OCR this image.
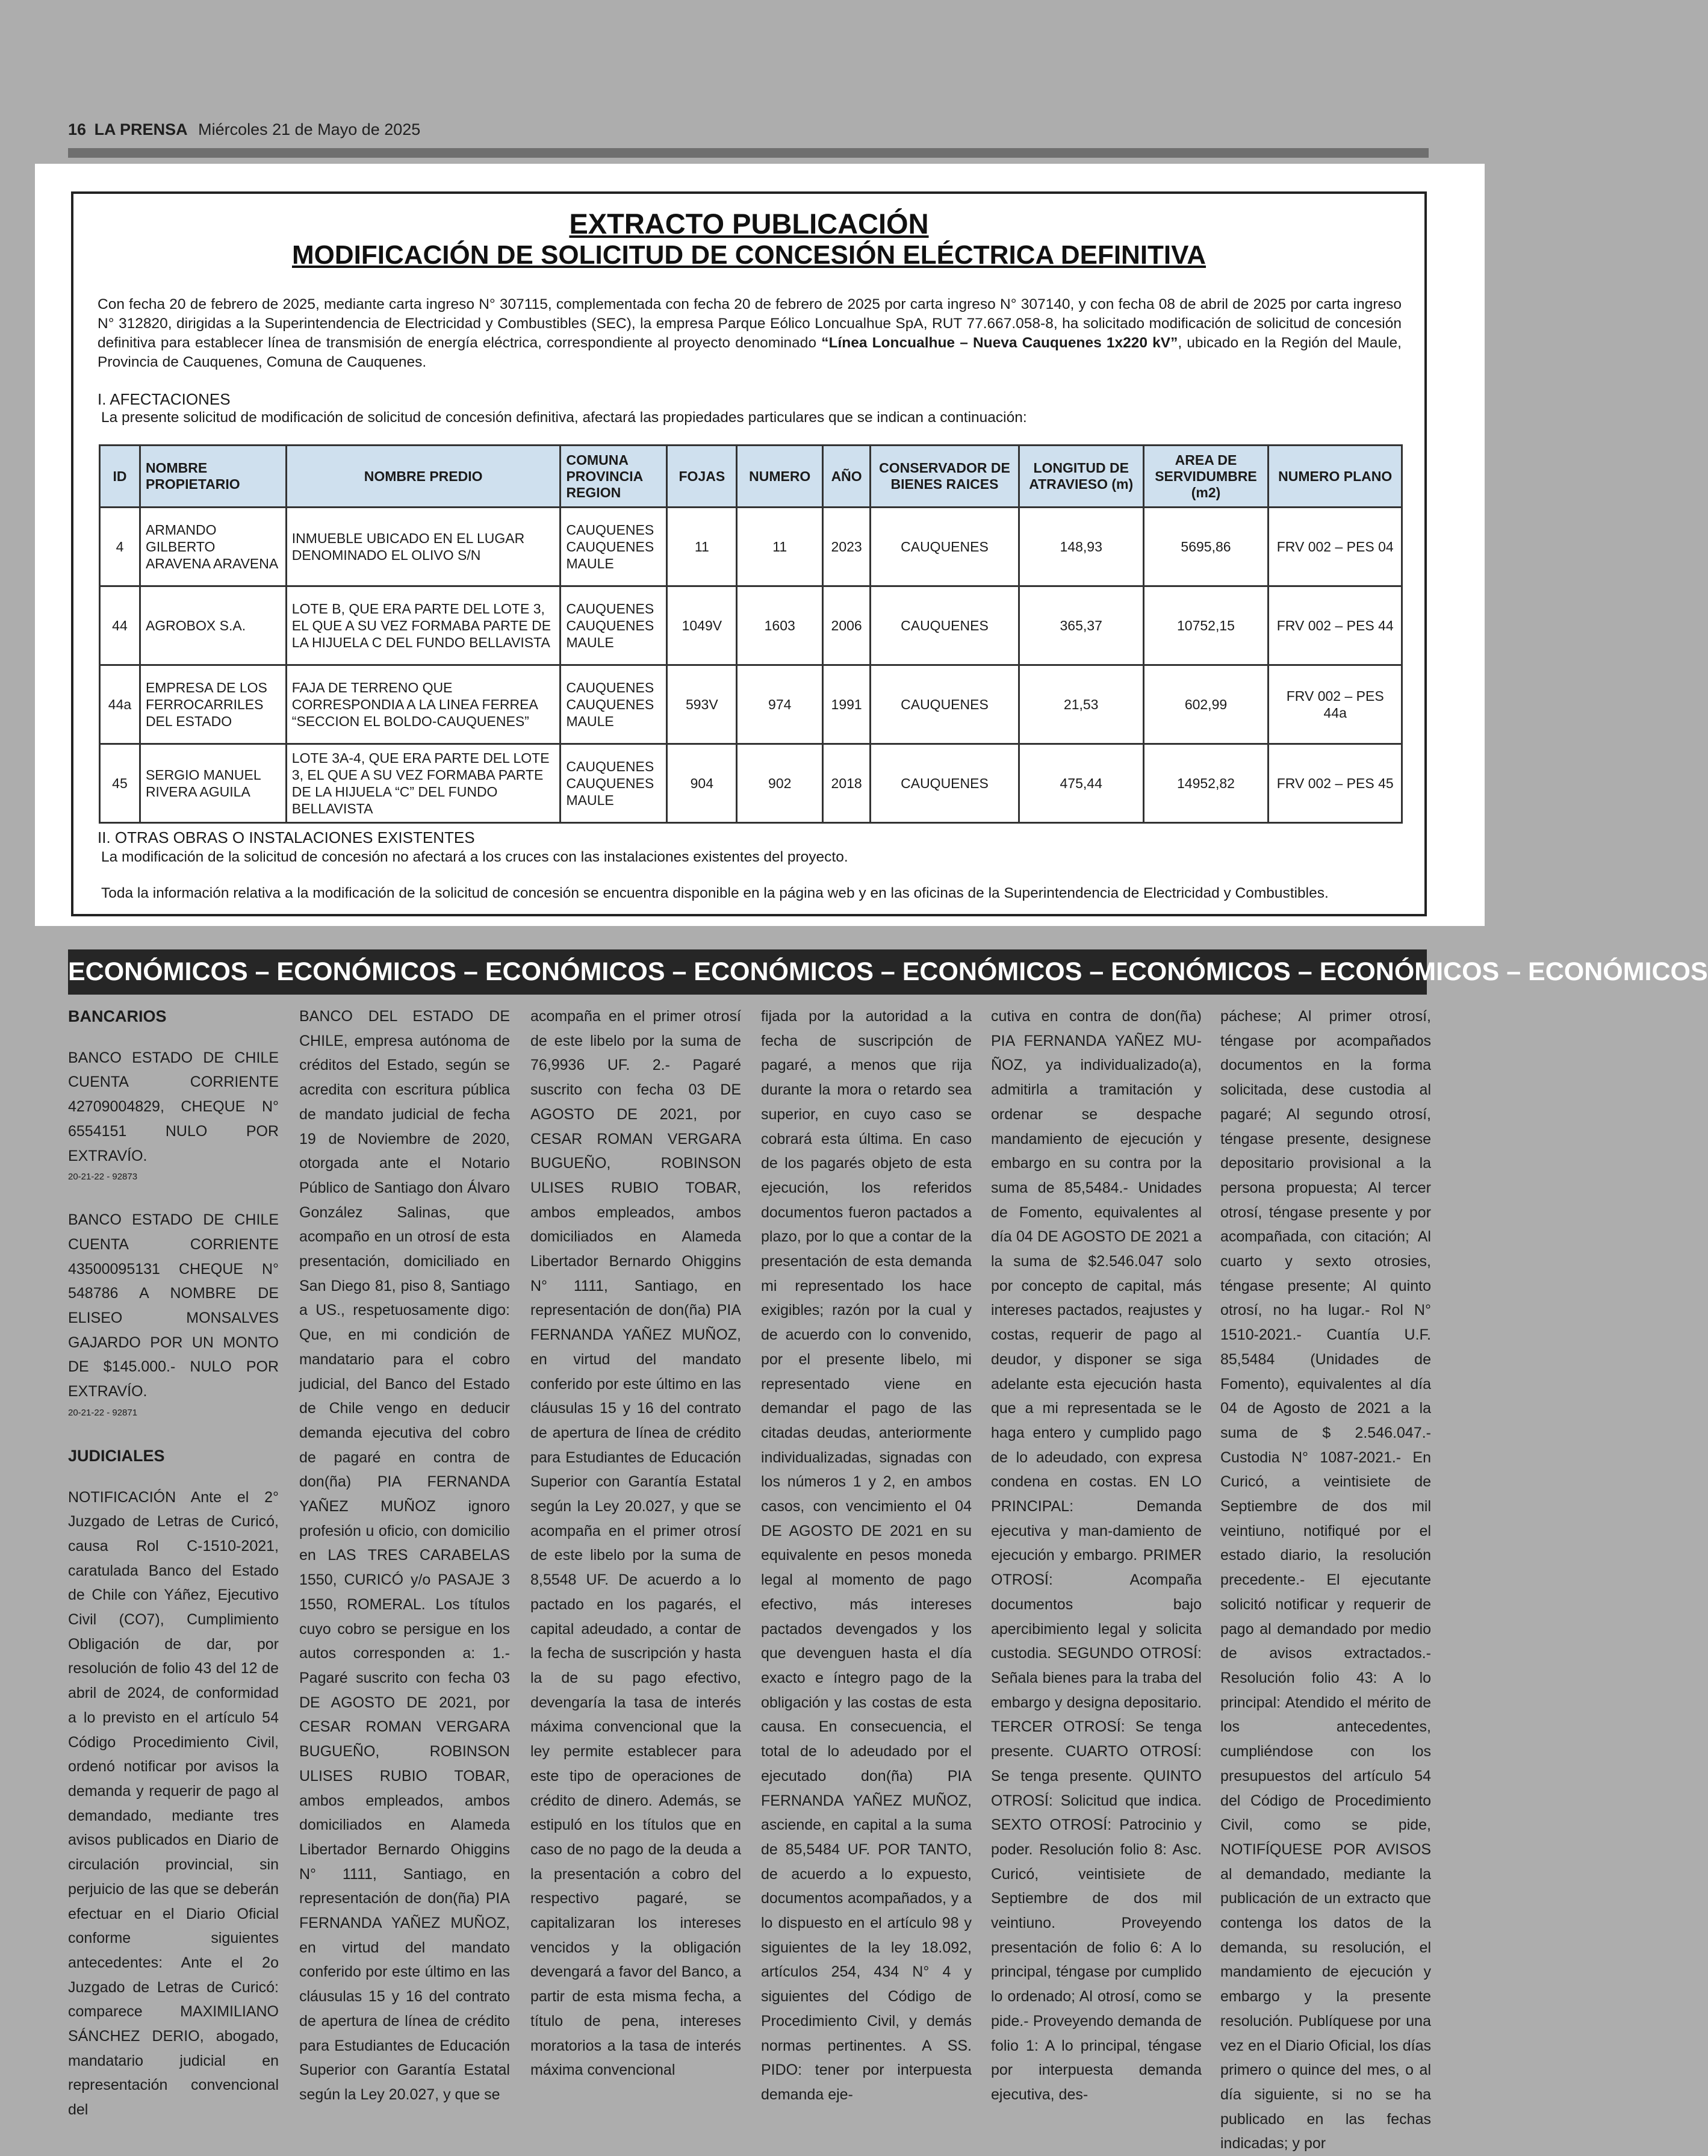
16 LA PRENSA Miércoles 21 de Mayo de 2025
EXTRACTO PUBLICACIÓN
MODIFICACIÓN DE SOLICITUD DE CONCESIÓN ELÉCTRICA DEFINITIVA
Con fecha 20 de febrero de 2025, mediante carta ingreso N° 307115, complementada con fecha 20 de febrero de 2025 por carta ingreso N° 307140, y con fecha 08 de abril de 2025 por carta ingreso N° 312820, dirigidas a la Superintendencia de Electricidad y Combustibles (SEC), la empresa Parque Eólico Loncualhue SpA, RUT 77.667.058-8, ha solicitado modificación de solicitud de concesión definitiva para establecer línea de transmisión de energía eléctrica, correspondiente al proyecto denominado “Línea Loncualhue – Nueva Cauquenes 1x220 kV”, ubicado en la Región del Maule, Provincia de Cauquenes, Comuna de Cauquenes.
I. AFECTACIONES
La presente solicitud de modificación de solicitud de concesión definitiva, afectará las propiedades particulares que se indican a continuación:
ID	NOMBRE PROPIETARIO	NOMBRE PREDIO	COMUNA PROVINCIA REGION	FOJAS	NUMERO	AÑO	CONSERVADOR DE BIENES RAICES	LONGITUD DE ATRAVIESO (m)	AREA DE SERVIDUMBRE (m2)	NUMERO PLANO
4	ARMANDO GILBERTO ARAVENA ARAVENA	INMUEBLE UBICADO EN EL LUGAR DENOMINADO EL OLIVO S/N	CAUQUENES CAUQUENES MAULE	11	11	2023	CAUQUENES	148,93	5695,86	FRV 002 – PES 04
44	AGROBOX S.A.	LOTE B, QUE ERA PARTE DEL LOTE 3, EL QUE A SU VEZ FORMABA PARTE DE LA HIJUELA C DEL FUNDO BELLAVISTA	CAUQUENES CAUQUENES MAULE	1049V	1603	2006	CAUQUENES	365,37	10752,15	FRV 002 – PES 44
44a	EMPRESA DE LOS FERROCARRILES DEL ESTADO	FAJA DE TERRENO QUE CORRESPONDIA A LA LINEA FERREA “SECCION EL BOLDO-CAUQUENES”	CAUQUENES CAUQUENES MAULE	593V	974	1991	CAUQUENES	21,53	602,99	FRV 002 – PES 44a
45	SERGIO MANUEL RIVERA AGUILA	LOTE 3A-4, QUE ERA PARTE DEL LOTE 3, EL QUE A SU VEZ FORMABA PARTE DE LA HIJUELA “C” DEL FUNDO BELLAVISTA	CAUQUENES CAUQUENES MAULE	904	902	2018	CAUQUENES	475,44	14952,82	FRV 002 – PES 45
II. OTRAS OBRAS O INSTALACIONES EXISTENTES
La modificación de la solicitud de concesión no afectará a los cruces con las instalaciones existentes del proyecto.
Toda la información relativa a la modificación de la solicitud de concesión se encuentra disponible en la página web y en las oficinas de la Superintendencia de Electricidad y Combustibles.
ECONÓMICOS – ECONÓMICOS – ECONÓMICOS – ECONÓMICOS – ECONÓMICOS – ECONÓMICOS – ECONÓMICOS – ECONÓMICOS

BANCARIOS

BANCO ESTADO DE CHILE CUENTA CORRIENTE 42709004829, CHEQUE N° 6554151 NULO POR EXTRAVÍO.

20-21-22 - 92873

BANCO ESTADO DE CHILE CUENTA CORRIENTE 43500095131 CHEQUE N° 548786 A NOMBRE DE ELISEO MONSALVES GAJARDO POR UN MONTO DE $145.000.- NULO POR EXTRAVÍO.

20-21-22 - 92871

JUDICIALES

NOTIFICACIÓN Ante el 2° Juzgado de Letras de Curicó, causa Rol C-1510-2021, caratulada Banco del Estado de Chile con Yáñez, Ejecutivo Civil (CO7), Cumplimiento Obligación de dar, por resolución de folio 43 del 12 de abril de 2024, de conformidad a lo previsto en el artículo 54 Código Procedimiento Civil, ordenó notificar por avisos la demanda y requerir de pago al demandado, mediante tres avisos publicados en Diario de circulación provincial, sin perjuicio de las que se deberán efectuar en el Diario Oficial conforme siguientes antecedentes: Ante el 2o Juzgado de Letras de Curicó: comparece MAXIMILIANO SÁNCHEZ DERIO, abogado, mandatario judicial en representación convencional del

BANCO DEL ESTADO DE CHILE, empresa autónoma de créditos del Estado, según se acredita con escritura pública de mandato judicial de fecha 19 de Noviembre de 2020, otorgada ante el Notario Público de Santiago don Álvaro González Salinas, que acompaño en un otrosí de esta presentación, domiciliado en San Diego 81, piso 8, Santiago a US., respetuosamente digo: Que, en mi condición de mandatario para el cobro judicial, del Banco del Estado de Chile vengo en deducir demanda ejecutiva del cobro de pagaré en contra de don(ña) PIA FERNANDA YAÑEZ MUÑOZ ignoro profesión u oficio, con domicilio en LAS TRES CARABELAS 1550, CURICÓ y/o PASAJE 3 1550, ROMERAL. Los títulos cuyo cobro se persigue en los autos corresponden a: 1.- Pagaré suscrito con fecha 03 DE AGOSTO DE 2021, por CESAR ROMAN VERGARA BUGUEÑO, ROBINSON ULISES RUBIO TOBAR, ambos empleados, ambos domiciliados en Alameda Libertador Bernardo Ohiggins N° 1111, Santiago, en representación de don(ña) PIA FERNANDA YAÑEZ MUÑOZ, en virtud del mandato conferido por este último en las cláusulas 15 y 16 del contrato de apertura de línea de crédito para Estudiantes de Educación Superior con Garantía Estatal según la Ley 20.027, y que se

acompaña en el primer otrosí de este libelo por la suma de 76,9936 UF. 2.- Pagaré suscrito con fecha 03 DE AGOSTO DE 2021, por CESAR ROMAN VERGARA BUGUEÑO, ROBINSON ULISES RUBIO TOBAR, ambos empleados, ambos domiciliados en Alameda Libertador Bernardo Ohiggins N° 1111, Santiago, en representación de don(ña) PIA FERNANDA YAÑEZ MUÑOZ, en virtud del mandato conferido por este último en las cláusulas 15 y 16 del contrato de apertura de línea de crédito para Estudiantes de Educación Superior con Garantía Estatal según la Ley 20.027, y que se acompaña en el primer otrosí de este libelo por la suma de 8,5548 UF. De acuerdo a lo pactado en los pagarés, el capital adeudado, a contar de la fecha de suscripción y hasta la de su pago efectivo, devengaría la tasa de interés máxima convencional que la ley permite establecer para este tipo de operaciones de crédito de dinero. Además, se estipuló en los títulos que en caso de no pago de la deuda a la presentación a cobro del respectivo pagaré, se capitalizaran los intereses vencidos y la obligación devengará a favor del Banco, a partir de esta misma fecha, a título de pena, intereses moratorios a la tasa de interés máxima convencional

fijada por la autoridad a la fecha de suscripción de pagaré, a menos que rija durante la mora o retardo sea superior, en cuyo caso se cobrará esta última. En caso de los pagarés objeto de esta ejecución, los referidos documentos fueron pactados a plazo, por lo que a contar de la presentación de esta demanda mi representado los hace exigibles; razón por la cual y de acuerdo con lo convenido, por el presente libelo, mi representado viene en demandar el pago de las citadas deudas, anteriormente individualizadas, signadas con los números 1 y 2, en ambos casos, con vencimiento el 04 DE AGOSTO DE 2021 en su equivalente en pesos moneda legal al momento de pago efectivo, más intereses pactados devengados y los que devenguen hasta el día exacto e íntegro pago de la obligación y las costas de esta causa. En consecuencia, el total de lo adeudado por el ejecutado don(ña) PIA FERNANDA YAÑEZ MUÑOZ, asciende, en capital a la suma de 85,5484 UF. POR TANTO, de acuerdo a lo expuesto, documentos acompañados, y a lo dispuesto en el artículo 98 y siguientes de la ley 18.092, artículos 254, 434 N° 4 y siguientes del Código de Procedimiento Civil, y demás normas pertinentes. A SS. PIDO: tener por interpuesta demanda eje-

cutiva en contra de don(ña) PIA FERNANDA YAÑEZ MU-ÑOZ, ya individualizado(a), admitirla a tramitación y ordenar se despache mandamiento de ejecución y embargo en su contra por la suma de 85,5484.- Unidades de Fomento, equivalentes al día 04 DE AGOSTO DE 2021 a la suma de $2.546.047 solo por concepto de capital, más intereses pactados, reajustes y costas, requerir de pago al deudor, y disponer se siga adelante esta ejecución hasta que a mi representada se le haga entero y cumplido pago de lo adeudado, con expresa condena en costas. EN LO PRINCIPAL: Demanda ejecutiva y man-damiento de ejecución y embargo. PRIMER OTROSÍ: Acompaña documentos bajo apercibimiento legal y solicita custodia. SEGUNDO OTROSÍ: Señala bienes para la traba del embargo y designa depositario. TERCER OTROSÍ: Se tenga presente. CUARTO OTROSÍ: Se tenga presente. QUINTO OTROSÍ: Solicitud que indica. SEXTO OTROSÍ: Patrocinio y poder. Resolución folio 8: Asc. Curicó, veintisiete de Septiembre de dos mil veintiuno. Proveyendo presentación de folio 6: A lo principal, téngase por cumplido lo ordenado; Al otrosí, como se pide.- Proveyendo demanda de folio 1: A lo principal, téngase por interpuesta demanda ejecutiva, des-

páchese; Al primer otrosí, téngase por acompañados documentos en la forma solicitada, dese custodia al pagaré; Al segundo otrosí, téngase presente, designese depositario provisional a la persona propuesta; Al tercer otrosí, téngase presente y por acompañada, con citación; Al cuarto y sexto otrosies, téngase presente; Al quinto otrosí, no ha lugar.- Rol N° 1510-2021.- Cuantía U.F. 85,5484 (Unidades de Fomento), equivalentes al día 04 de Agosto de 2021 a la suma de $ 2.546.047.- Custodia N° 1087-2021.- En Curicó, a veintisiete de Septiembre de dos mil veintiuno, notifiqué por el estado diario, la resolución precedente.- El ejecutante solicitó notificar y requerir de pago al demandado por medio de avisos extractados.- Resolución folio 43: A lo principal: Atendido el mérito de los antecedentes, cumpliéndose con los presupuestos del artículo 54 del Código de Procedimiento Civil, como se pide, NOTIFÍQUESE POR AVISOS al demandado, mediante la publicación de un extracto que contenga los datos de la demanda, su resolución, el mandamiento de ejecución y embargo y la presente resolución. Publíquese por una vez en el Diario Oficial, los días primero o quince del mes, o al día siguiente, si no se ha publicado en las fechas indicadas; y por
